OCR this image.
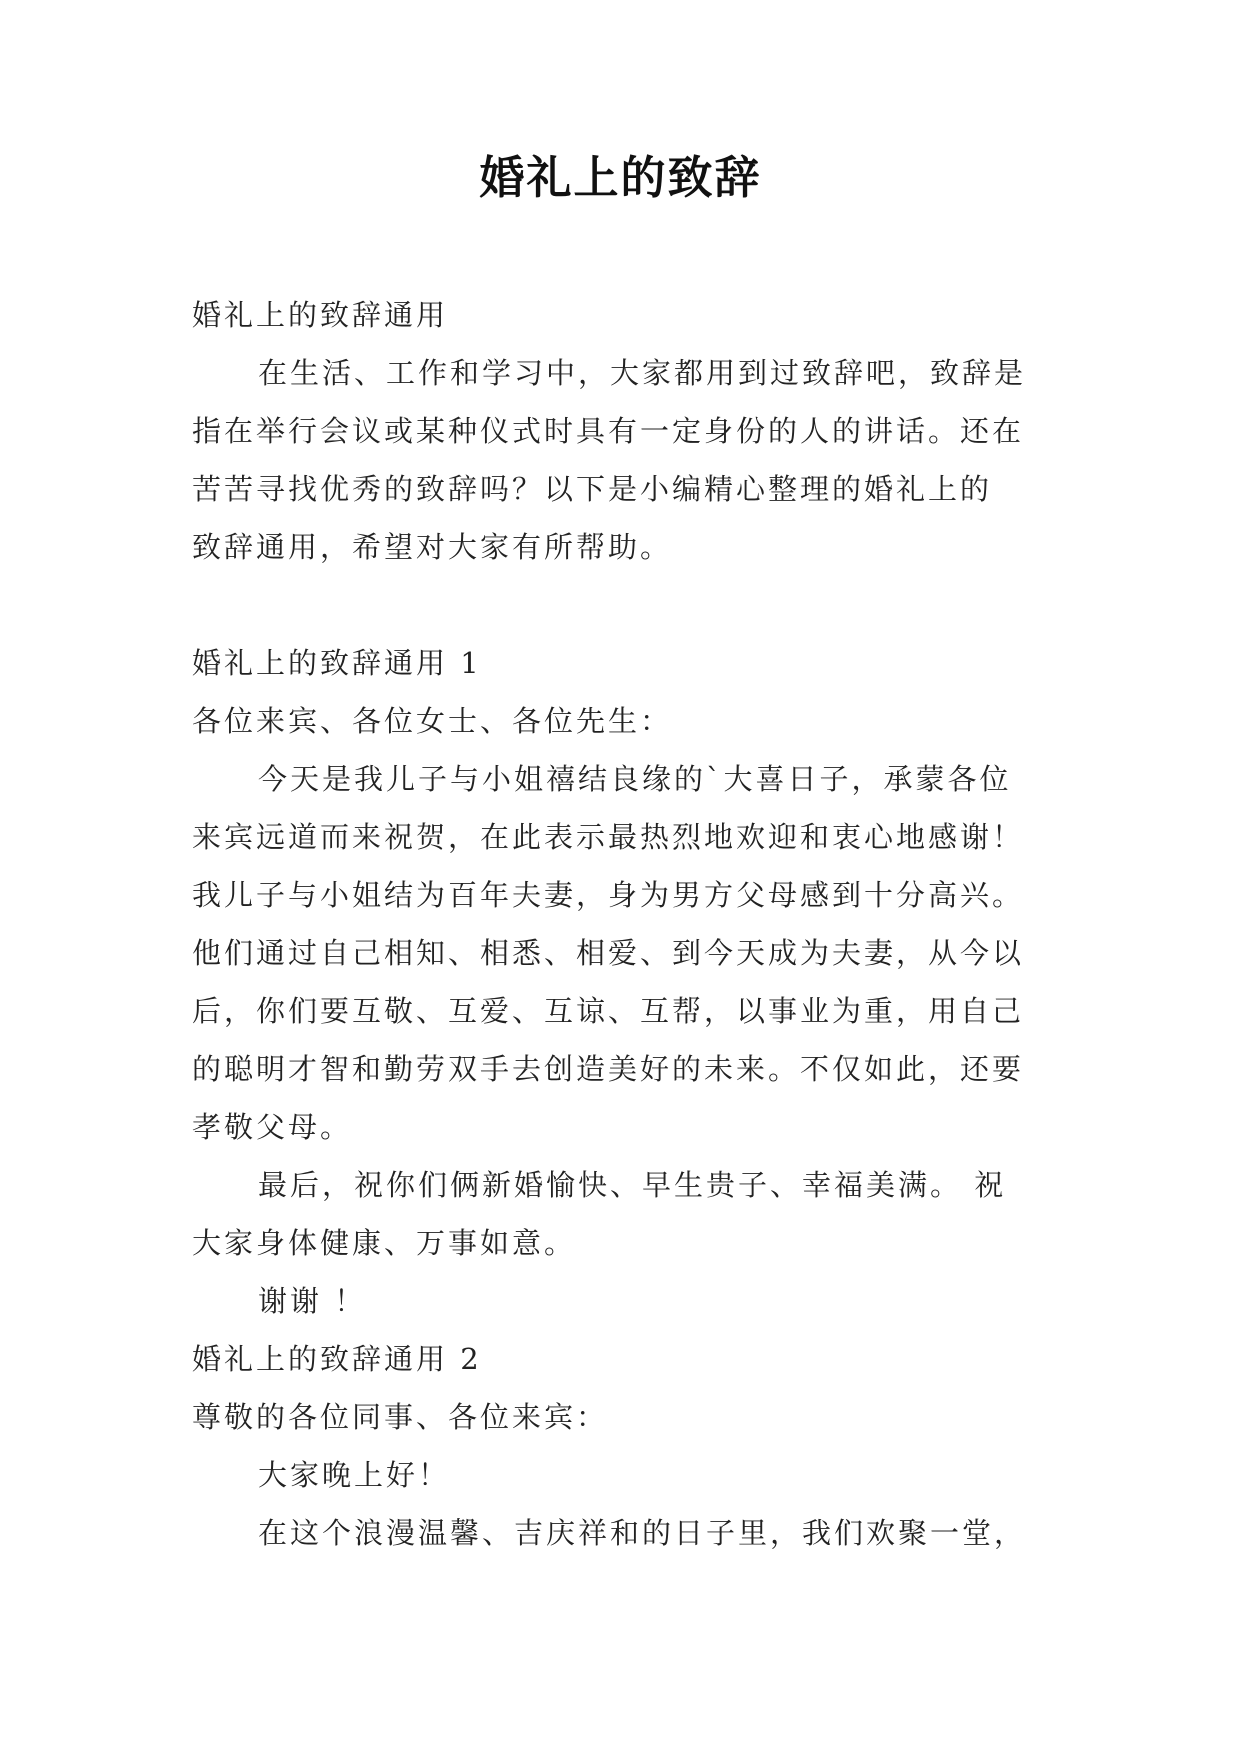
婚礼上的致辞
婚礼上的致辞通用
在生活、工作和学习中，大家都用到过致辞吧，致辞是
指在举行会议或某种仪式时具有一定身份的人的讲话。还在
苦苦寻找优秀的致辞吗？以下是小编精心整理的婚礼上的
致辞通用，希望对大家有所帮助。
婚礼上的致辞通用 1
各位来宾、各位女士、各位先生：
今天是我儿子与小姐禧结良缘的`大喜日子，承蒙各位
来宾远道而来祝贺，在此表示最热烈地欢迎和衷心地感谢！
我儿子与小姐结为百年夫妻，身为男方父母感到十分高兴。
他们通过自己相知、相悉、相爱、到今天成为夫妻，从今以
后，你们要互敬、互爱、互谅、互帮，以事业为重，用自己
的聪明才智和勤劳双手去创造美好的未来。不仅如此，还要
孝敬父母。
最后，祝你们俩新婚愉快、早生贵子、幸福美满。 祝
大家身体健康、万事如意。
谢谢 ！
婚礼上的致辞通用 2
尊敬的各位同事、各位来宾：
大家晚上好！
在这个浪漫温馨、吉庆祥和的日子里，我们欢聚一堂，
